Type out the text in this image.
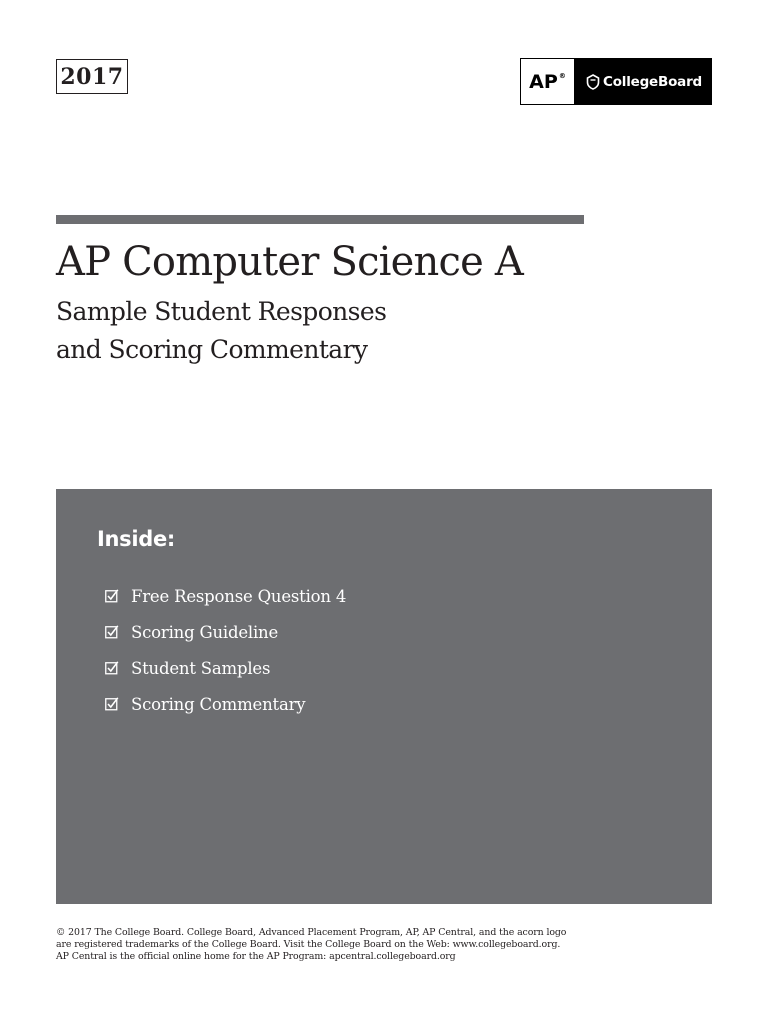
2017	AP ®	CollegeBoard
AP Computer Science A
Sample Student Responses
and Scoring Commentary
Inside:
Free Response Question 4
Scoring Guideline
Student Samples
Scoring Commentary

© 2017 The College Board. College Board, Advanced Placement Program, AP, AP Central, and the acorn logo

are registered trademarks of the College Board. Visit the College Board on the Web: www.collegeboard.org.

AP Central is the official online home for the AP Program: apcentral.collegeboard.org
